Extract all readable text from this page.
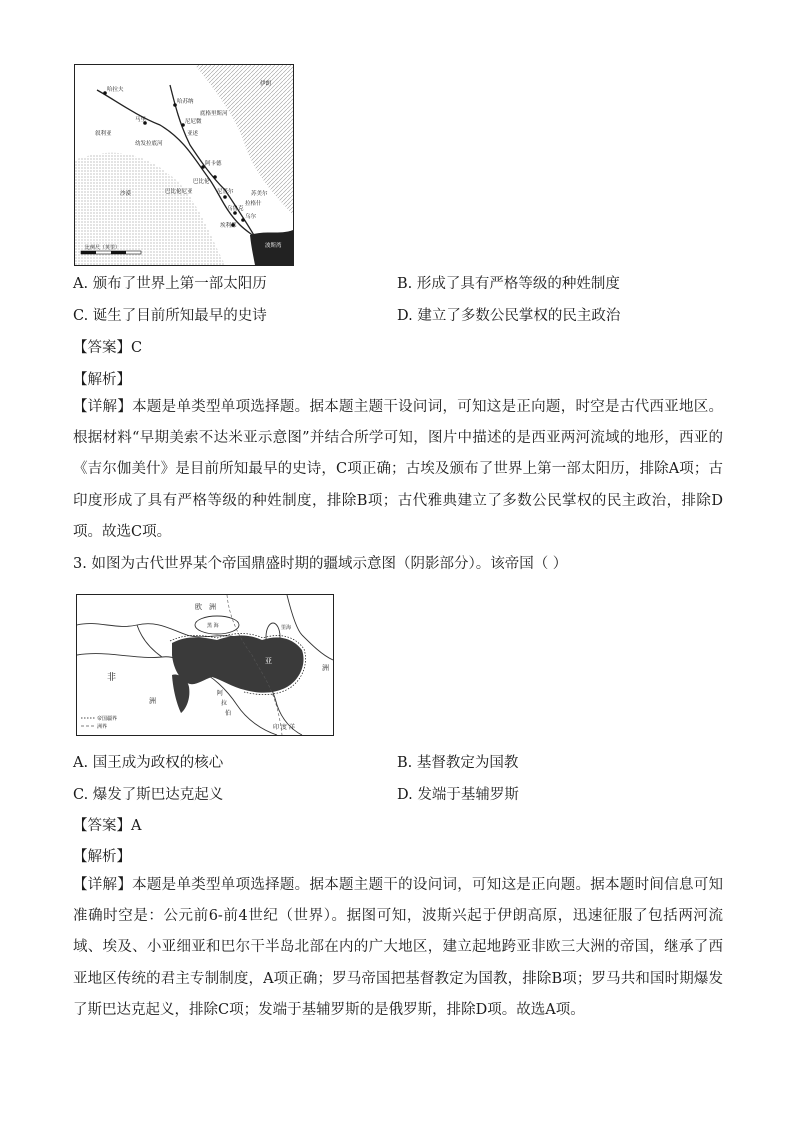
哈拉夫
哈苏纳
尼尼微
亚述
马里
阿卡德
巴比伦
尼普尔
乌鲁克
乌尔
埃利都
拉格什
苏美尔
巴比伦尼亚
叙利亚
沙漠
伊朗
波斯湾
幼发拉底河
底格里斯河
比例尺（英里）
A. 颁布了世界上第一部太阳历	B. 形成了具有严格等级的种姓制度
C. 诞生了目前所知最早的史诗	D. 建立了多数公民掌权的民主政治
【答案】C
【解析】
【详解】本题是单类型单项选择题。据本题主题干设问词，可知这是正向题，时空是古代西亚地区。根据材料“早期美索不达米亚示意图”并结合所学可知，图片中描述的是西亚两河流域的地形，西亚的《吉尔伽美什》是目前所知最早的史诗，C项正确；古埃及颁布了世界上第一部太阳历，排除A项；古印度形成了具有严格等级的种姓制度，排除B项；古代雅典建立了多数公民掌权的民主政治，排除D项。故选C项。
3. 如图为古代世界某个帝国鼎盛时期的疆域示意图（阴影部分）。该帝国（ ）
欧 洲
亚
洲
非
洲
阿
拉
伯
印 度 洋
黑 海	里海
帝国疆界
洲界
A. 国王成为政权的核心	B. 基督教定为国教
C. 爆发了斯巴达克起义	D. 发端于基辅罗斯
【答案】A
【解析】
【详解】本题是单类型单项选择题。据本题主题干的设问词，可知这是正向题。据本题时间信息可知准确时空是：公元前6-前4世纪（世界）。据图可知，波斯兴起于伊朗高原，迅速征服了包括两河流域、埃及、小亚细亚和巴尔干半岛北部在内的广大地区，建立起地跨亚非欧三大洲的帝国，继承了西亚地区传统的君主专制制度，A项正确；罗马帝国把基督教定为国教，排除B项；罗马共和国时期爆发了斯巴达克起义，排除C项；发端于基辅罗斯的是俄罗斯，排除D项。故选A项。
